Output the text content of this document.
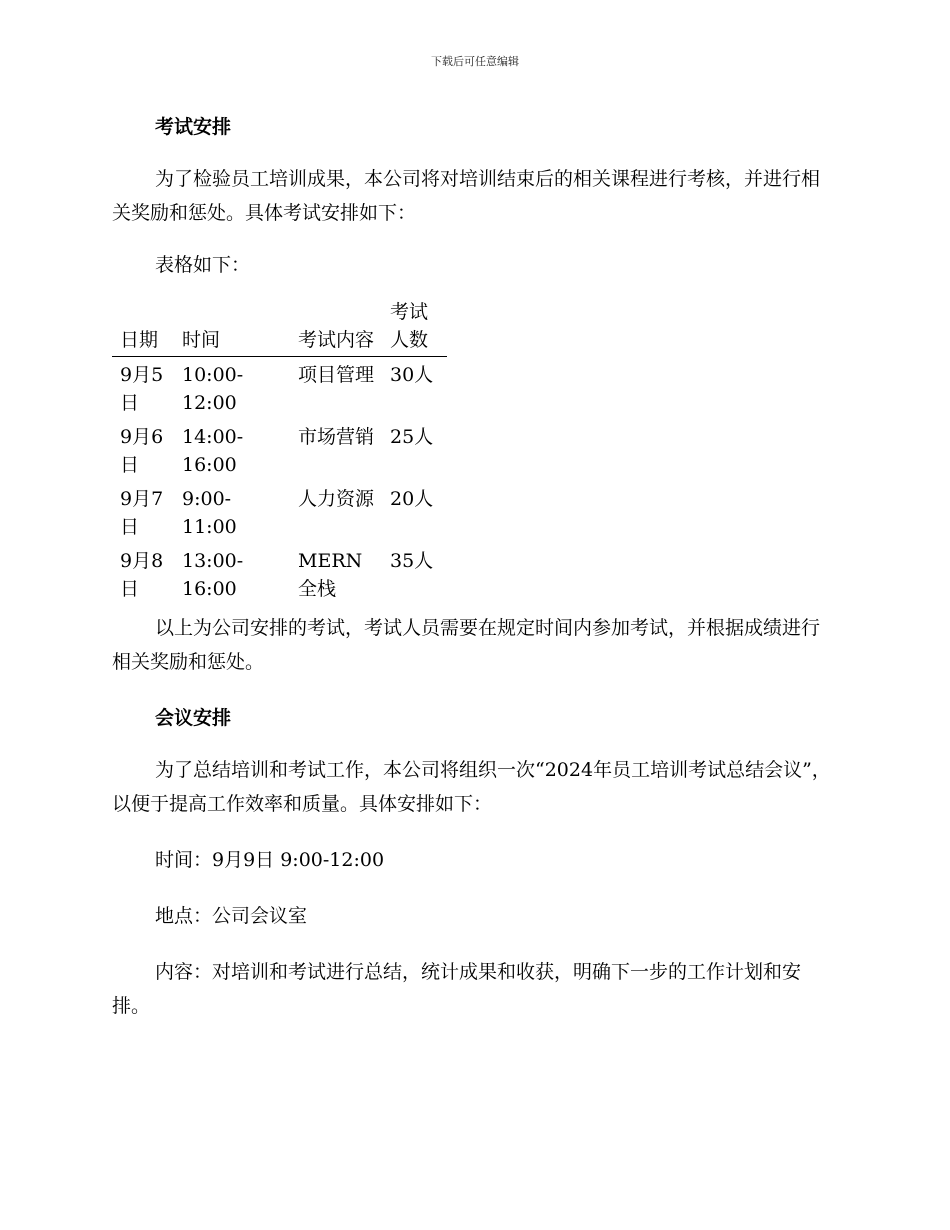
下载后可任意编辑
考试安排

为了检验员工培训成果，本公司将对培训结束后的相关课程进行考核，并进行相关奖励和惩处。具体考试安排如下：

表格如下：

日期	时间	考试内容	考试人数
9月5日	10:00-12:00	项目管理	30人
9月6日	14:00-16:00	市场营销	25人
9月7日	9:00-11:00	人力资源	20人
9月8日	13:00-16:00	MERN全栈	35人

以上为公司安排的考试，考试人员需要在规定时间内参加考试，并根据成绩进行相关奖励和惩处。

会议安排

为了总结培训和考试工作，本公司将组织一次“2024年员工培训考试总结会议”，以便于提高工作效率和质量。具体安排如下：

时间：9月9日 9:00-12:00

地点：公司会议室

内容：对培训和考试进行总结，统计成果和收获，明确下一步的工作计划和安排。
